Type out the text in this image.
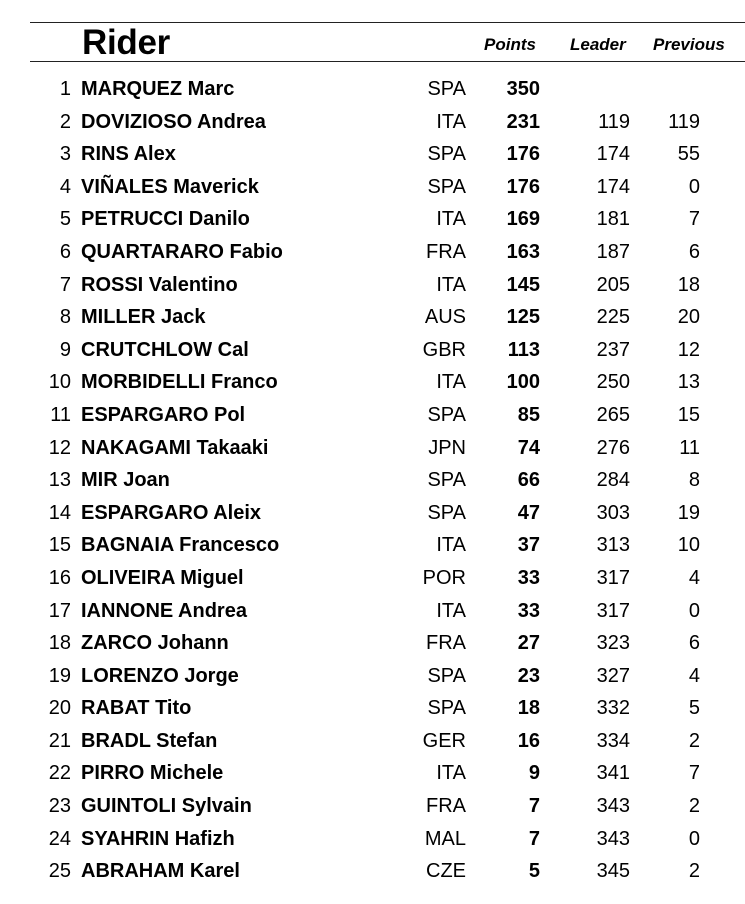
Rider	Points Leader Previous
1 MARQUEZ Marc	SPA	350
2 DOVIZIOSO Andrea	ITA	231	119	119
3 RINS Alex	SPA	176	174	55
4 VIÑALES Maverick	SPA	176	174	0
5 PETRUCCI Danilo	ITA	169	181	7
6 QUARTARARO Fabio	FRA	163	187	6
7 ROSSI Valentino	ITA	145	205	18
8 MILLER Jack	AUS	125	225	20
9 CRUTCHLOW Cal	GBR	113	237	12
10 MORBIDELLI Franco	ITA	100	250	13
11 ESPARGARO Pol	SPA	85	265	15
12 NAKAGAMI Takaaki	JPN	74	276	11
13 MIR Joan	SPA	66	284	8
14 ESPARGARO Aleix	SPA	47	303	19
15 BAGNAIA Francesco	ITA	37	313	10
16 OLIVEIRA Miguel	POR	33	317	4
17 IANNONE Andrea	ITA	33	317	0
18 ZARCO Johann	FRA	27	323	6
19 LORENZO Jorge	SPA	23	327	4
20 RABAT Tito	SPA	18	332	5
21 BRADL Stefan	GER	16	334	2
22 PIRRO Michele	ITA	9	341	7
23 GUINTOLI Sylvain	FRA	7	343	2
24 SYAHRIN Hafizh	MAL	7	343	0
25 ABRAHAM Karel	CZE	5	345	2
